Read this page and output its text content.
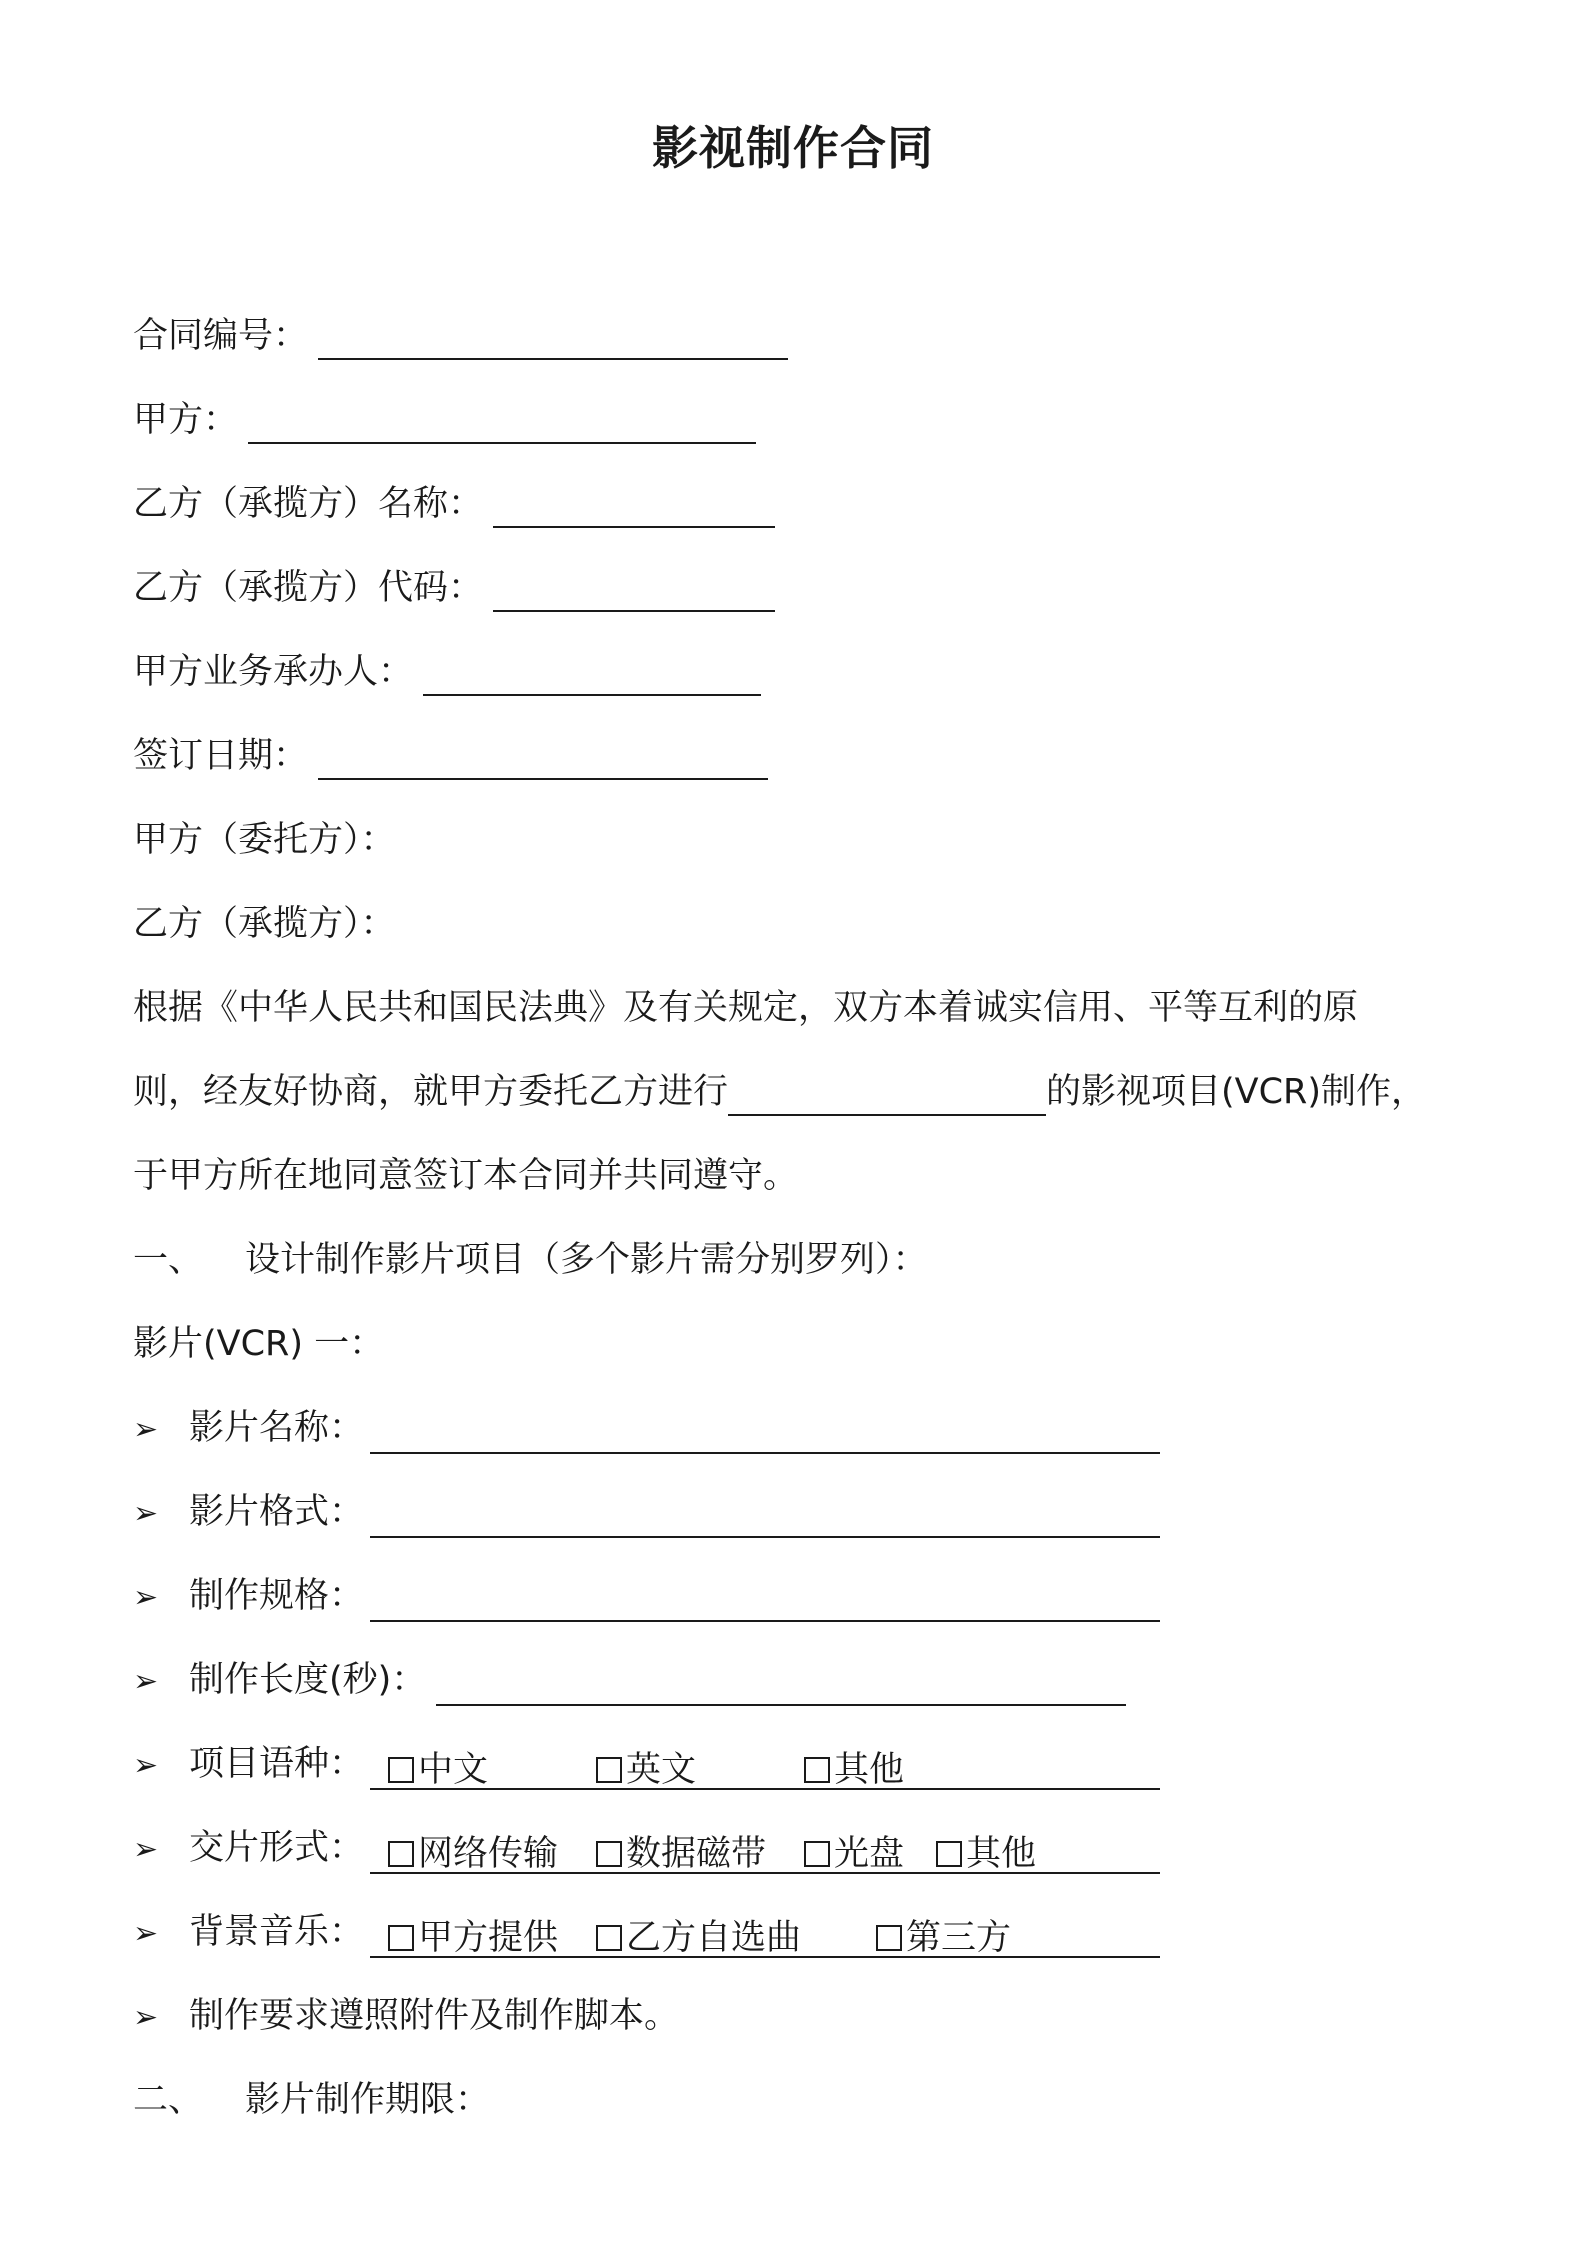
影视制作合同
合同编号：
甲方：
乙方（承揽方）名称：
乙方（承揽方）代码：
甲方业务承办人：
签订日期：
甲方（委托方）：
乙方（承揽方）：
根据《中华人民共和国民法典》及有关规定，双方本着诚实信用、平等互利的原
则，经友好协商，就甲方委托乙方进行	的影视项目(VCR)制作，
于甲方所在地同意签订本合同并共同遵守。
一、 设计制作影片项目（多个影片需分别罗列）：
影片(VCR) 一：
➢ 影片名称：
➢ 影片格式：
➢ 制作规格：
➢ 制作长度(秒)：
➢ 项目语种： 中文	英文	其他
➢ 交片形式： 网络传输 数据磁带 光盘 其他
➢ 背景音乐： 甲方提供 乙方自选曲	第三方
➢ 制作要求遵照附件及制作脚本。
二、 影片制作期限：
